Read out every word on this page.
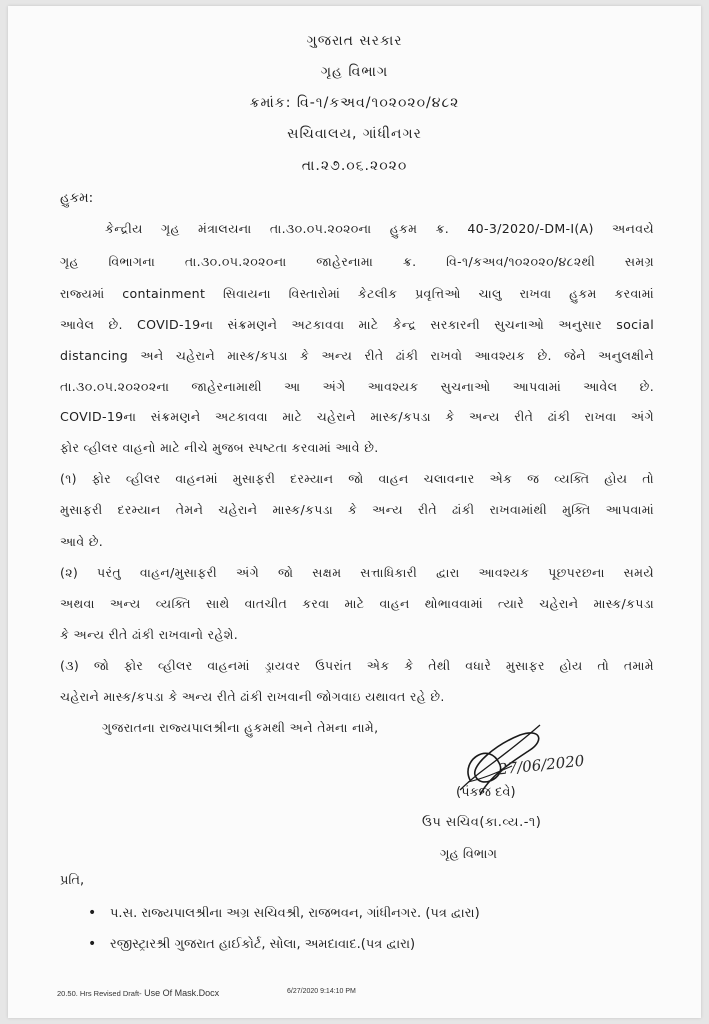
ગુજરાત સરકાર
ગૃહ વિભાગ
ક્રમાંક: વિ-૧/કઅવ/૧૦૨૦૨૦/૪૮૨
સચિવાલય, ગાંધીનગર
તા.૨૭.૦૬.૨૦૨૦
હુકમ:
કેન્દ્રીય ગૃહ મંત્રાલયના તા.૩૦.૦૫.૨૦૨૦ના હુકમ ક્ર. 40-3/2020/-DM-I(A) અનવયે
ગૃહ વિભાગના તા.૩૦.૦૫.૨૦૨૦ના જાહેરનામા ક્ર. વિ-૧/કઅવ/૧૦૨૦૨૦/૪૮૨થી સમગ્ર
રાજ્યમાં containment સિવાયના વિસ્તારોમાં કેટલીક પ્રવૃત્તિઓ ચાલુ રાખવા હુકમ કરવામાં
આવેલ છે. COVID-19ના સંક્રમણને અટકાવવા માટે કેન્દ્ર સરકારની સુચનાઓ અનુસાર social
distancing અને ચહેરાને માસ્ક/કપડા કે અન્ય રીતે ઢાંકી રાખવો આવશ્યક છે. જેને અનુલક્ષીને
તા.૩૦.૦૫.૨૦૨૦૨ના જાહેરનામાથી આ અંગે આવશ્યક સુચનાઓ આપવામાં આવેલ છે.
COVID-19ના સંક્રમણને અટકાવવા માટે ચહેરાને માસ્ક/કપડા કે અન્ય રીતે ઢાંકી રાખવા અંગે
ફોર વ્હીલર વાહનો માટે નીચે મુજબ સ્પષ્ટતા કરવામાં આવે છે.
(૧) ફોર વ્હીલર વાહનમાં મુસાફરી દરમ્યાન જો વાહન ચલાવનાર એક જ વ્યક્તિ હોય તો
મુસાફરી દરમ્યાન તેમને ચહેરાને માસ્ક/કપડા કે અન્ય રીતે ઢાંકી રાખવામાંથી મુક્તિ આપવામાં
આવે છે.
(૨) પરંતુ વાહન/મુસાફરી અંગે જો સક્ષમ સત્તાધિકારી દ્વારા આવશ્યક પૂછપરછના સમયે
અથવા અન્ય વ્યક્તિ સાથે વાતચીત કરવા માટે વાહન થોભાવવામાં ત્યારે ચહેરાને માસ્ક/કપડા
કે અન્ય રીતે ઢાંકી રાખવાનો રહેશે.
(૩) જો ફોર વ્હીલર વાહનમાં ડ્રાયવર ઉપરાંત એક કે તેથી વધારે મુસાફર હોય તો તમામે
ચહેરાને માસ્ક/કપડા કે અન્ય રીતે ઢાંકી રાખવાની જોગવાઇ યથાવત રહે છે.
ગુજરાતના રાજ્યપાલશ્રીના હુકમથી અને તેમના નામે,
27/06/2020
(પંકજ દવે)
ઉપ સચિવ(કા.વ્ય.-૧)
ગૃહ વિભાગ
પ્રતિ,
• પ.સ. રાજ્યપાલશ્રીના અગ્ર સચિવશ્રી, રાજભવન, ગાંધીનગર. (પત્ર દ્વારા)
• રજીસ્ટ્રારશ્રી ગુજરાત હાઈકોર્ટ, સોલા, અમદાવાદ.(પત્ર દ્વારા)
20.50. Hrs Revised Draft- Use Of Mask.Docx	6/27/2020 9:14:10 PM
